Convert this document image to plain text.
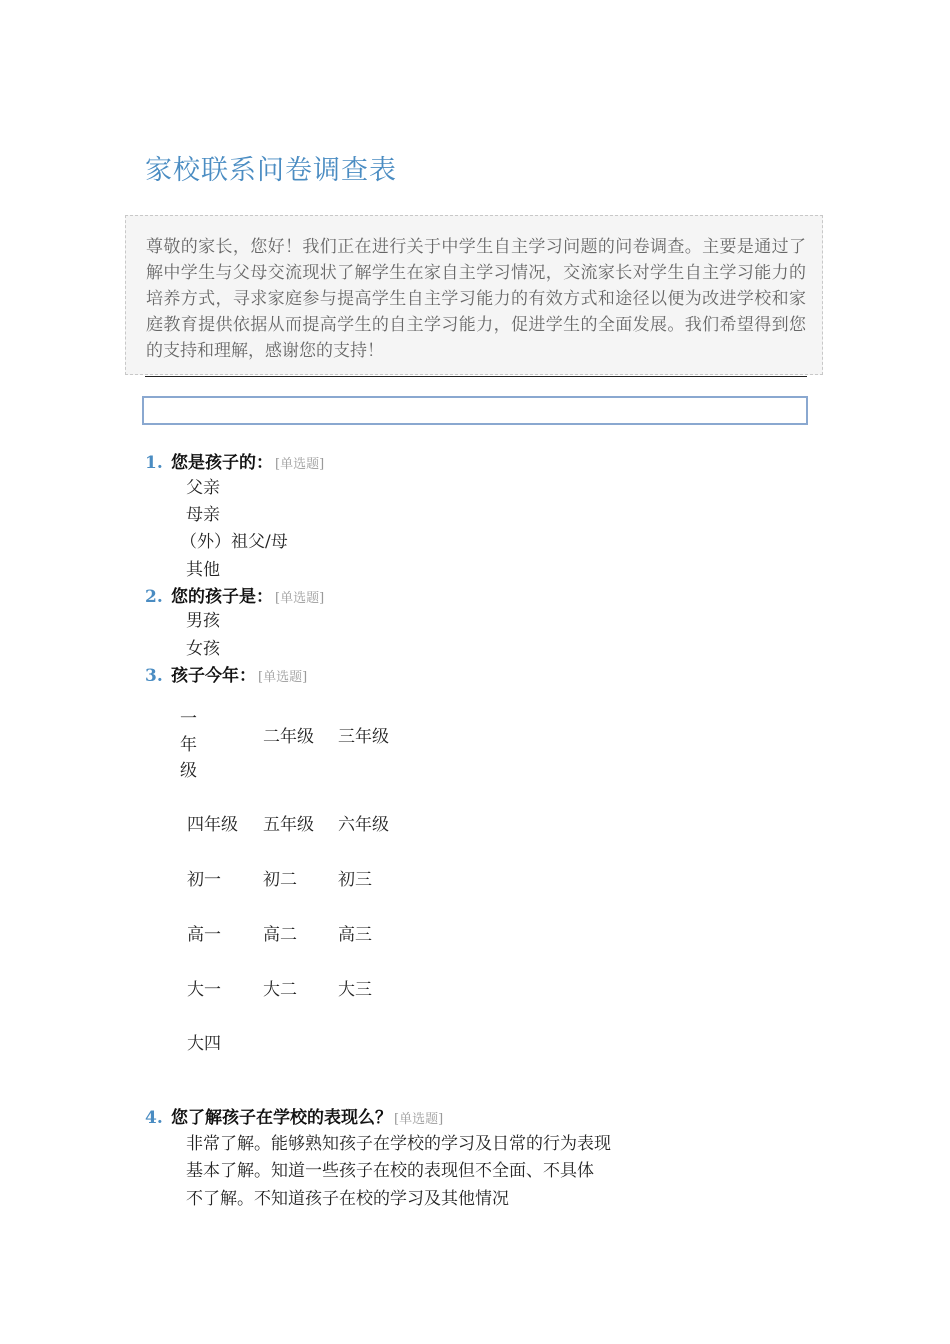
家校联系问卷调查表
尊敬的家长，您好！我们正在进行关于中学生自主学习问题的问卷调查。主要是通过了解中学生与父母交流现状了解学生在家自主学习情况，交流家长对学生自主学习能力的培养方式，寻求家庭参与提高学生自主学习能力的有效方式和途径以便为改进学校和家庭教育提供依据从而提高学生的自主学习能力，促进学生的全面发展。我们希望得到您的支持和理解，感谢您的支持！
1. 您是孩子的： [单选题]
父亲
母亲
（外）祖父/母
其他
2. 您的孩子是： [单选题]
男孩
女孩
3. 孩子今年： [单选题]
一
年
级
二年级 三年级
四年级 五年级 六年级
初一 初二 初三
高一 高二 高三
大一 大二 大三
大四
4. 您了解孩子在学校的表现么？ [单选题]
非常了解。能够熟知孩子在学校的学习及日常的行为表现
基本了解。知道一些孩子在校的表现但不全面、不具体
不了解。不知道孩子在校的学习及其他情况
